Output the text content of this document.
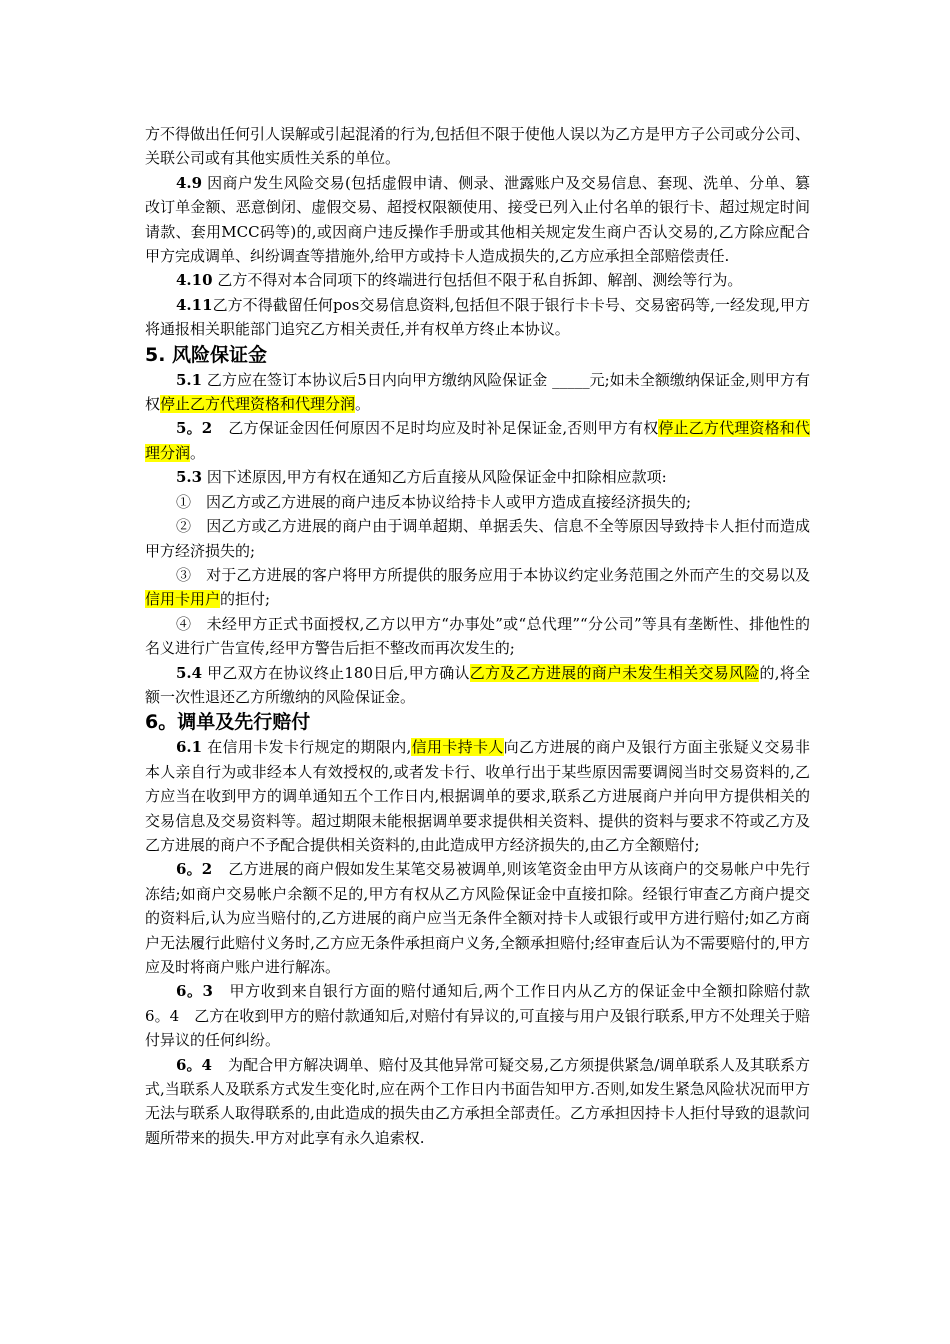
方不得做出任何引人误解或引起混淆的行为,包括但不限于使他人误以为乙方是甲方子公司或分公司、关联公司或有其他实质性关系的单位。

4.9 因商户发生风险交易(包括虚假申请、侧录、泄露账户及交易信息、套现、洗单、分单、篡改订单金额、恶意倒闭、虚假交易、超授权限额使用、接受已列入止付名单的银行卡、超过规定时间请款、套用MCC码等)的,或因商户违反操作手册或其他相关规定发生商户否认交易的,乙方除应配合甲方完成调单、纠纷调查等措施外,给甲方或持卡人造成损失的,乙方应承担全部赔偿责任.

4.10 乙方不得对本合同项下的终端进行包括但不限于私自拆卸、解剖、测绘等行为。

4.11乙方不得截留任何pos交易信息资料,包括但不限于银行卡卡号、交易密码等,一经发现,甲方将通报相关职能部门追究乙方相关责任,并有权单方终止本协议。

5. 风险保证金

5.1 乙方应在签订本协议后5日内向甲方缴纳风险保证金 _____元;如未全额缴纳保证金,则甲方有权停止乙方代理资格和代理分润。

5。2 乙方保证金因任何原因不足时均应及时补足保证金,否则甲方有权停止乙方代理资格和代理分润。

5.3 因下述原因,甲方有权在通知乙方后直接从风险保证金中扣除相应款项:

①　因乙方或乙方进展的商户违反本协议给持卡人或甲方造成直接经济损失的;

②　因乙方或乙方进展的商户由于调单超期、单据丢失、信息不全等原因导致持卡人拒付而造成甲方经济损失的;

③　对于乙方进展的客户将甲方所提供的服务应用于本协议约定业务范围之外而产生的交易以及信用卡用户的拒付;

④　未经甲方正式书面授权,乙方以甲方“办事处”或“总代理”“分公司”等具有垄断性、排他性的名义进行广告宣传,经甲方警告后拒不整改而再次发生的;

5.4 甲乙双方在协议终止180日后,甲方确认乙方及乙方进展的商户未发生相关交易风险的,将全额一次性退还乙方所缴纳的风险保证金。

6。调单及先行赔付

6.1 在信用卡发卡行规定的期限内,信用卡持卡人向乙方进展的商户及银行方面主张疑义交易非本人亲自行为或非经本人有效授权的,或者发卡行、收单行出于某些原因需要调阅当时交易资料的,乙方应当在收到甲方的调单通知五个工作日内,根据调单的要求,联系乙方进展商户并向甲方提供相关的交易信息及交易资料等。超过期限未能根据调单要求提供相关资料、提供的资料与要求不符或乙方及乙方进展的商户不予配合提供相关资料的,由此造成甲方经济损失的,由乙方全额赔付;

6。2 乙方进展的商户假如发生某笔交易被调单,则该笔资金由甲方从该商户的交易帐户中先行冻结;如商户交易帐户余额不足的,甲方有权从乙方风险保证金中直接扣除。经银行审查乙方商户提交的资料后,认为应当赔付的,乙方进展的商户应当无条件全额对持卡人或银行或甲方进行赔付;如乙方商户无法履行此赔付义务时,乙方应无条件承担商户义务,全额承担赔付;经审查后认为不需要赔付的,甲方应及时将商户账户进行解冻。

6。3 甲方收到来自银行方面的赔付通知后,两个工作日内从乙方的保证金中全额扣除赔付款6。4　乙方在收到甲方的赔付款通知后,对赔付有异议的,可直接与用户及银行联系,甲方不处理关于赔付异议的任何纠纷。

6。4 为配合甲方解决调单、赔付及其他异常可疑交易,乙方须提供紧急/调单联系人及其联系方式,当联系人及联系方式发生变化时,应在两个工作日内书面告知甲方.否则,如发生紧急风险状况而甲方无法与联系人取得联系的,由此造成的损失由乙方承担全部责任。乙方承担因持卡人拒付导致的退款问题所带来的损失.甲方对此享有永久追索权.
